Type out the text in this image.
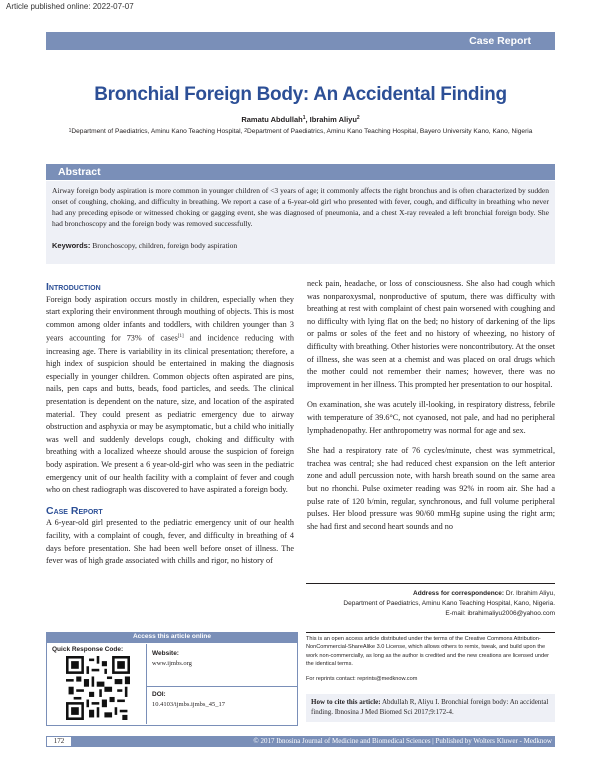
Article published online: 2022-07-07
Case Report
Bronchial Foreign Body: An Accidental Finding
Ramatu Abdullah$^1$, Ibrahim Aliyu$^2$
$^1$Department of Paediatrics, Aminu Kano Teaching Hospital, $^2$Department of Paediatrics, Aminu Kano Teaching Hospital, Bayero University Kano, Kano, Nigeria
Abstract
Airway foreign body aspiration is more common in younger children of <3 years of age; it commonly affects the right bronchus and is often characterized by sudden onset of coughing, choking, and difficulty in breathing. We report a case of a 6-year-old girl who presented with fever, cough, and difficulty in breathing who never had any preceding episode or witnessed choking or gagging event, she was diagnosed of pneumonia, and a chest X-ray revealed a left bronchial foreign body. She had bronchoscopy and the foreign body was removed successfully.
Keywords: Bronchoscopy, children, foreign body aspiration
Introduction

Foreign body aspiration occurs mostly in children, especially when they start exploring their environment through mouthing of objects. This is most common among older infants and toddlers, with children younger than 3 years accounting for 73% of cases[1] and incidence reducing with increasing age. There is variability in its clinical presentation; therefore, a high index of suspicion should be entertained in making the diagnosis especially in younger children. Common objects often aspirated are pins, nails, pen caps and butts, beads, food particles, and seeds. The clinical presentation is dependent on the nature, size, and location of the aspirated material. They could present as pediatric emergency due to airway obstruction and asphyxia or may be asymptomatic, but a child who initially was well and suddenly develops cough, choking and difficulty with breathing with a localized wheeze should arouse the suspicion of foreign body aspiration. We present a 6 year-old-girl who was seen in the pediatric emergency unit of our health facility with a complaint of fever and cough who on chest radiograph was discovered to have aspirated a foreign body.

Case Report

A 6-year-old girl presented to the pediatric emergency unit of our health facility, with a complaint of cough, fever, and difficulty in breathing of 4 days before presentation. She had been well before onset of illness. The fever was of high grade associated with chills and rigor, no history of

neck pain, headache, or loss of consciousness. She also had cough which was nonparoxysmal, nonproductive of sputum, there was difficulty with breathing at rest with complaint of chest pain worsened with coughing and no difficulty with lying flat on the bed; no history of darkening of the lips or palms or soles of the feet and no history of wheezing, no history of difficulty with breathing. Other histories were noncontributory. At the onset of illness, she was seen at a chemist and was placed on oral drugs which the mother could not remember their names; however, there was no improvement in her illness. This prompted her presentation to our hospital.

On examination, she was acutely ill-looking, in respiratory distress, febrile with temperature of 39.6°C, not cyanosed, not pale, and had no peripheral lymphadenopathy. Her anthropometry was normal for age and sex.

She had a respiratory rate of 76 cycles/minute, chest was symmetrical, trachea was central; she had reduced chest expansion on the left anterior zone and adull percussion note, with harsh breath sound on the same area but no rhonchi. Pulse oximeter reading was 92% in room air. She had a pulse rate of 120 b/min, regular, synchronous, and full volume peripheral pulses. Her blood pressure was 90/60 mmHg supine using the right arm; she had first and second heart sounds and no

Access this article online
Quick Response Code:
Website:
www.ijmbs.org
DOI:
10.4103/ijmbs.ijmbs_45_17
Address for correspondence: Dr. Ibrahim Aliyu,
Department of Paediatrics, Aminu Kano Teaching Hospital, Kano, Nigeria.
E-mail: ibrahimaliyu2006@yahoo.com
This is an open access article distributed under the terms of the Creative Commons Attribution-NonCommercial-ShareAlike 3.0 License, which allows others to remix, tweak, and build upon the work non-commercially, as long as the author is credited and the new creations are licensed under the identical terms.
For reprints contact: reprints@medknow.com
How to cite this article: Abdullah R, Aliyu I. Bronchial foreign body: An accidental finding. Ibnosina J Med Biomed Sci 2017;9:172-4.
172	© 2017 Ibnosina Journal of Medicine and Biomedical Sciences | Published by Wolters Kluwer - Medknow
